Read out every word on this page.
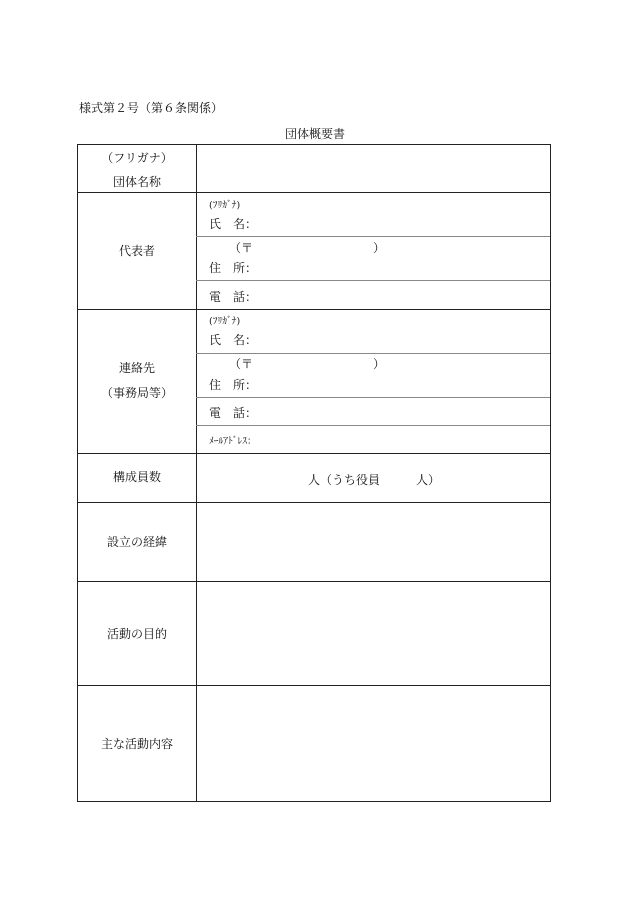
様式第２号（第６条関係）
団体概要書
（フリガナ）
団体名称
代表者
(ﾌﾘｶﾞﾅ)
氏　名：
（〒　　　　　　　　　　）
住　所：
電　話：
連絡先
（事務局等）
(ﾌﾘｶﾞﾅ)
氏　名：
（〒　　　　　　　　　　）
住　所：
電　話：
ﾒｰﾙｱﾄﾞﾚｽ：
構成員数	人（うち役員　　　人）
設立の経緯
活動の目的
主な活動内容
